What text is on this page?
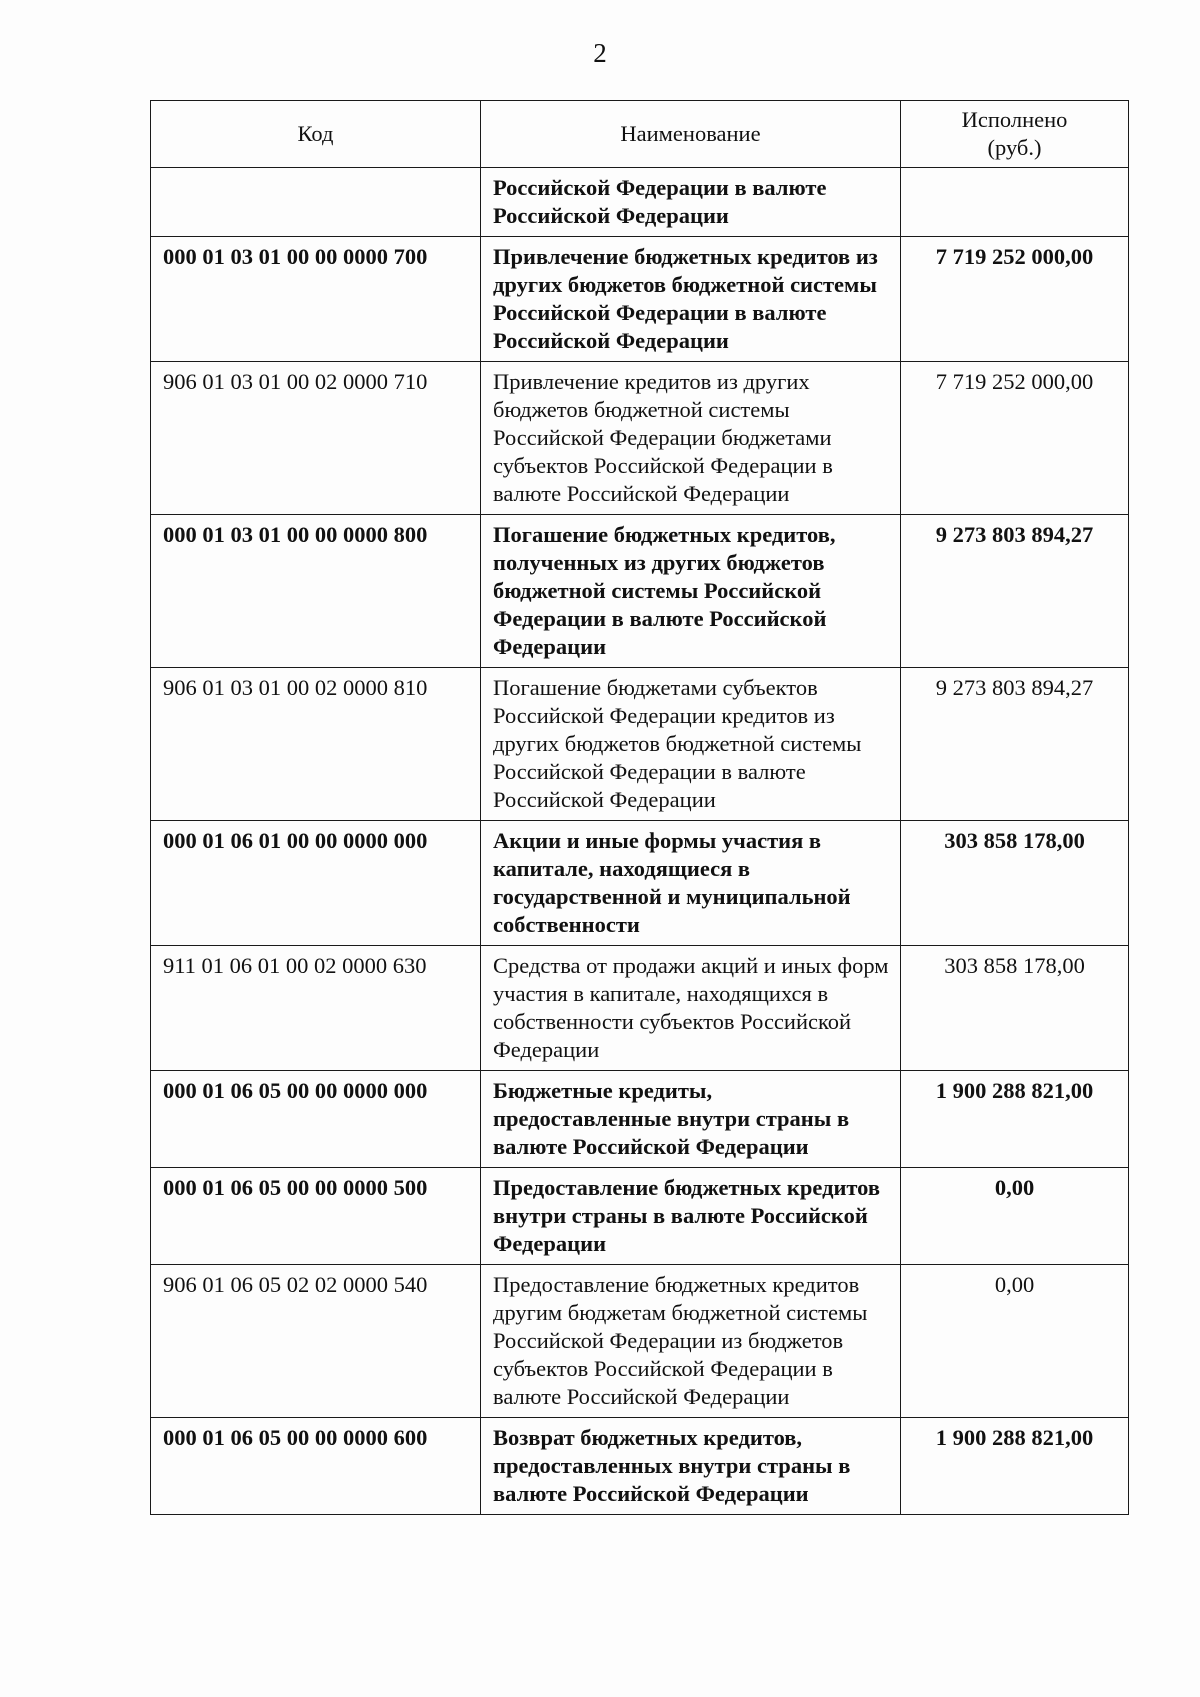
2
Код	Наименование	Исполнено (руб.)
	Российской Федерации в валюте Российской Федерации	
000 01 03 01 00 00 0000 700	Привлечение бюджетных кредитов из других бюджетов бюджетной системы Российской Федерации в валюте Российской Федерации	7 719 252 000,00
906 01 03 01 00 02 0000 710	Привлечение кредитов из других бюджетов бюджетной системы Российской Федерации бюджетами субъектов Российской Федерации в валюте Российской Федерации	7 719 252 000,00
000 01 03 01 00 00 0000 800	Погашение бюджетных кредитов, полученных из других бюджетов бюджетной системы Российской Федерации в валюте Российской Федерации	9 273 803 894,27
906 01 03 01 00 02 0000 810	Погашение бюджетами субъектов Российской Федерации кредитов из других бюджетов бюджетной системы Российской Федерации в валюте Российской Федерации	9 273 803 894,27
000 01 06 01 00 00 0000 000	Акции и иные формы участия в капитале, находящиеся в государственной и муниципальной собственности	303 858 178,00
911 01 06 01 00 02 0000 630	Средства от продажи акций и иных форм участия в капитале, находящихся в собственности субъектов Российской Федерации	303 858 178,00
000 01 06 05 00 00 0000 000	Бюджетные кредиты, предоставленные внутри страны в валюте Российской Федерации	1 900 288 821,00
000 01 06 05 00 00 0000 500	Предоставление бюджетных кредитов внутри страны в валюте Российской Федерации	0,00
906 01 06 05 02 02 0000 540	Предоставление бюджетных кредитов другим бюджетам бюджетной системы Российской Федерации из бюджетов субъектов Российской Федерации в валюте Российской Федерации	0,00
000 01 06 05 00 00 0000 600	Возврат бюджетных кредитов, предоставленных внутри страны в валюте Российской Федерации	1 900 288 821,00
